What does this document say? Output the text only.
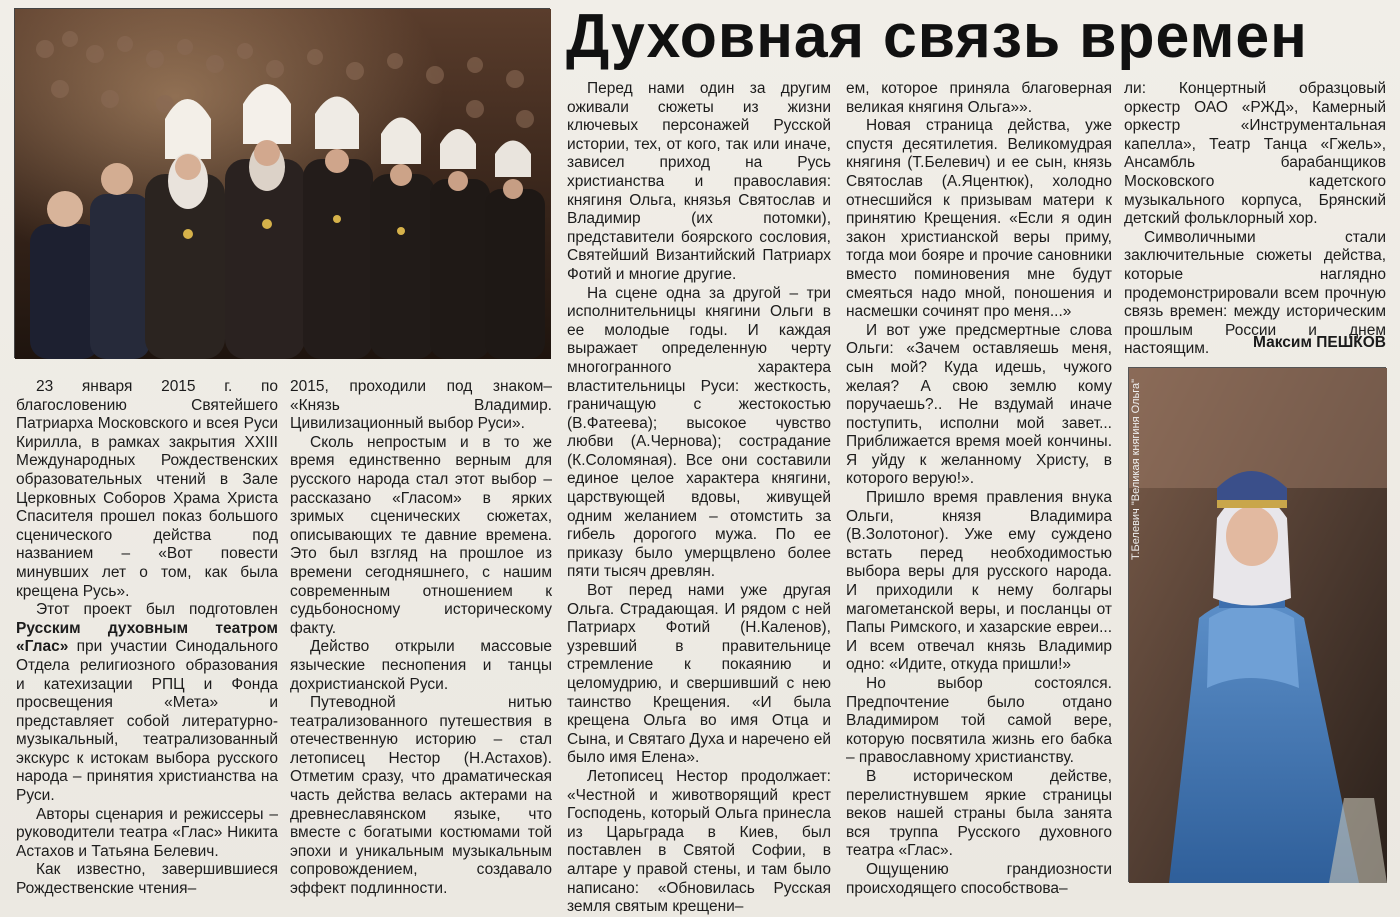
Духовная связь времен

23 января 2015 г. по благословению Святейшего Патриарха Московского и всея Руси Кирилла, в рамках закрытия XXIII Международных Рождественских образовательных чтений в Зале Церковных Соборов Храма Христа Спасителя прошел показ большого сценического действа под названием – «Вот повести минувших лет о том, как была крещена Русь».

Этот проект был подготовлен Русским духовным театром «Глас» при участии Синодального Отдела религиозного образования и катехизации РПЦ и Фонда просвещения «Мета» и представляет собой литературно-музыкальный, театрализованный экскурс к истокам выбора русского народа – принятия христианства на Руси.

Авторы сценария и режиссеры – руководители театра «Глас» Никита Астахов и Татьяна Белевич.

Как известно, завершившиеся Рождественские чтения–

2015, проходили под знаком– «Князь Владимир. Цивилизационный выбор Руси».

Сколь непростым и в то же время единственно верным для русского народа стал этот выбор – рассказано «Гласом» в ярких зримых сценических сюжетах, описывающих те давние времена. Это был взгляд на прошлое из времени сегодняшнего, с нашим современным отношением к судьбоносному историческому факту.

Действо открыли массовые языческие песнопения и танцы дохристианской Руси.

Путеводной нитью театрализованного путешествия в отечественную историю – стал летописец Нестор (Н.Астахов). Отметим сразу, что драматическая часть действа велась актерами на древнеславянском языке, что вместе с богатыми костюмами той эпохи и уникальным музыкальным сопровождением, создавало эффект подлинности.

Перед нами один за другим оживали сюжеты из жизни ключевых персонажей Русской истории, тех, от кого, так или иначе, зависел приход на Русь христианства и православия: княгиня Ольга, князья Святослав и Владимир (их потомки), представители боярского сословия, Святейший Византийский Патриарх Фотий и многие другие.

На сцене одна за другой – три исполнительницы княгини Ольги в ее молодые годы. И каждая выражает определенную черту многогранного характера властительницы Руси: жесткость, граничащую с жестокостью (В.Фатеева); высокое чувство любви (А.Чернова); сострадание (К.Соломяная). Все они составили единое целое характера княгини, царствующей вдовы, живущей одним желанием – отомстить за гибель дорогого мужа. По ее приказу было умерщвлено более пяти тысяч древлян.

Вот перед нами уже другая Ольга. Страдающая. И рядом с ней Патриарх Фотий (Н.Каленов), узревший в правительнице стремление к покаянию и целомудрию, и свершивший с нею таинство Крещения. «И была крещена Ольга во имя Отца и Сына, и Святаго Духа и наречено ей было имя Елена».

Летописец Нестор продолжает: «Честной и животворящий крест Господень, который Ольга принесла из Царьграда в Киев, был поставлен в Святой Софии, в алтаре у правой стены, и там было написано: «Обновилась Русская земля святым крещени–

ем, которое приняла благоверная великая княгиня Ольга»».

Новая страница действа, уже спустя десятилетия. Великомудрая княгиня (Т.Белевич) и ее сын, князь Святослав (А.Яцентюк), холодно отнесшийся к призывам матери к принятию Крещения. «Если я один закон христианской веры приму, тогда мои бояре и прочие сановники вместо поминовения мне будут смеяться надо мной, поношения и насмешки сочинят про меня...»

И вот уже предсмертные слова Ольги: «Зачем оставляешь меня, сын мой? Куда идешь, чужого желая? А свою землю кому поручаешь?.. Не вздумай иначе поступить, исполни мой завет... Приближается время моей кончины. Я уйду к желанному Христу, в которого верую!».

Пришло время правления внука Ольги, князя Владимира (В.Золотоног). Уже ему суждено встать перед необходимостью выбора веры для русского народа. И приходили к нему болгары магометанской веры, и посланцы от Папы Римского, и хазарские евреи... И всем отвечал князь Владимир одно: «Идите, откуда пришли!»

Но выбор состоялся. Предпочтение было отдано Владимиром той самой вере, которую посвятила жизнь его бабка – православному христианству.

В историческом действе, перелистнувшем яркие страницы веков нашей страны была занята вся труппа Русского духовного театра «Глас».

Ощущению грандиозности происходящего способствова–

ли: Концертный образцовый оркестр ОАО «РЖД», Камерный оркестр «Инструментальная капелла», Театр Танца «Гжель», Ансамбль барабанщиков Московского кадетского музыкального корпуса, Брянский детский фольклорный хор.

Символичными стали заключительные сюжеты действа, которые наглядно продемонстрировали всем прочную связь времен: между историческим прошлым России и днем настоящим.	Максим ПЕШКОВ
Т.Белевич "Великая княгиня Ольга"
